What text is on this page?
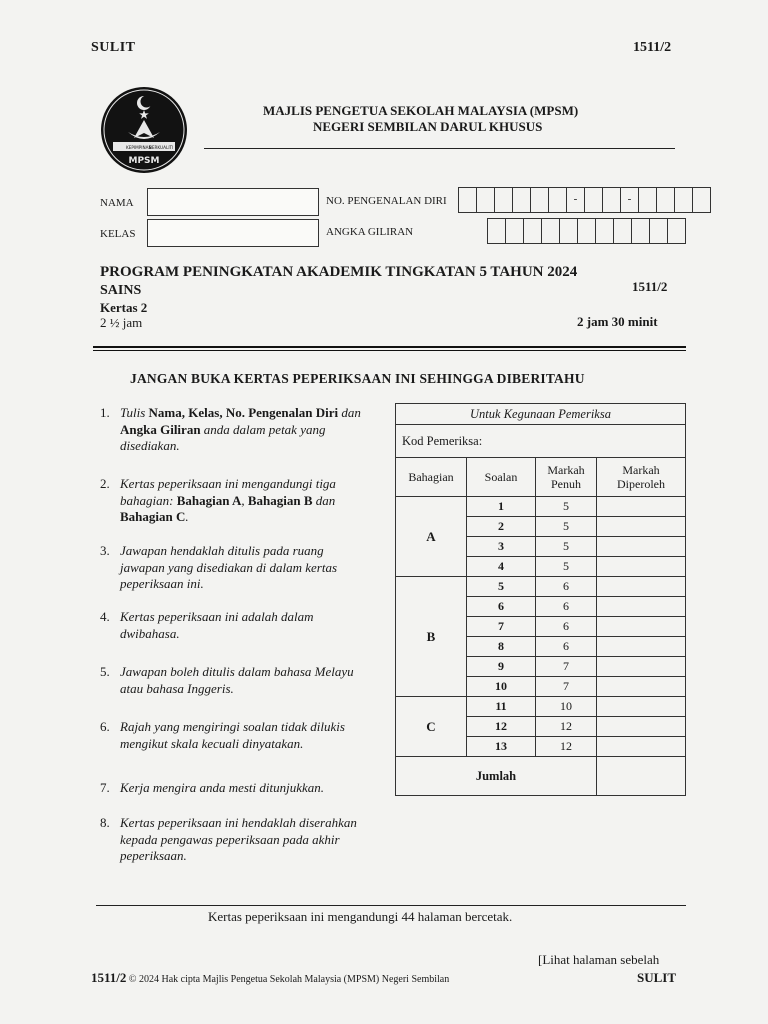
SULIT	1511/2
KEPIMPINAN
BERKUALITI
MPSM
MAJLIS PENGETUA SEKOLAH MALAYSIA (MPSM)
NEGERI SEMBILAN DARUL KHUSUS
NAMA	NO. PENGENALAN DIRI	-	-
KELAS	ANGKA GILIRAN
PROGRAM PENINGKATAN AKADEMIK TINGKATAN 5 TAHUN 2024
SAINS	1511/2
Kertas 2
2 ½ jam	2 jam 30 minit
JANGAN BUKA KERTAS PEPERIKSAAN INI SEHINGGA DIBERITAHU
1. Tulis Nama, Kelas, No. Pengenalan Diri dan Angka Giliran anda dalam petak yang disediakan.
2. Kertas peperiksaan ini mengandungi tiga bahagian: Bahagian A, Bahagian B dan Bahagian C.
3. Jawapan hendaklah ditulis pada ruang jawapan yang disediakan di dalam kertas peperiksaan ini.
4. Kertas peperiksaan ini adalah dalam dwibahasa.
5. Jawapan boleh ditulis dalam bahasa Melayu atau bahasa Inggeris.
6. Rajah yang mengiringi soalan tidak dilukis mengikut skala kecuali dinyatakan.
7. Kerja mengira anda mesti ditunjukkan.
8. Kertas peperiksaan ini hendaklah diserahkan kepada pengawas peperiksaan pada akhir peperiksaan.
Untuk Kegunaan Pemeriksa			
Kod Pemeriksa:			
Bahagian	Soalan	Markah Penuh	Markah Diperoleh
A	1	5	
	2	5	
	3	5	
	4	5	
B	5	6	
	6	6	
	7	6	
	8	6	
	9	7	
	10	7	
C	11	10	
	12	12	
	13	12	
Jumlah			
Kertas peperiksaan ini mengandungi 44 halaman bercetak.
[Lihat halaman sebelah
1511/2 © 2024 Hak cipta Majlis Pengetua Sekolah Malaysia (MPSM) Negeri Sembilan	SULIT
